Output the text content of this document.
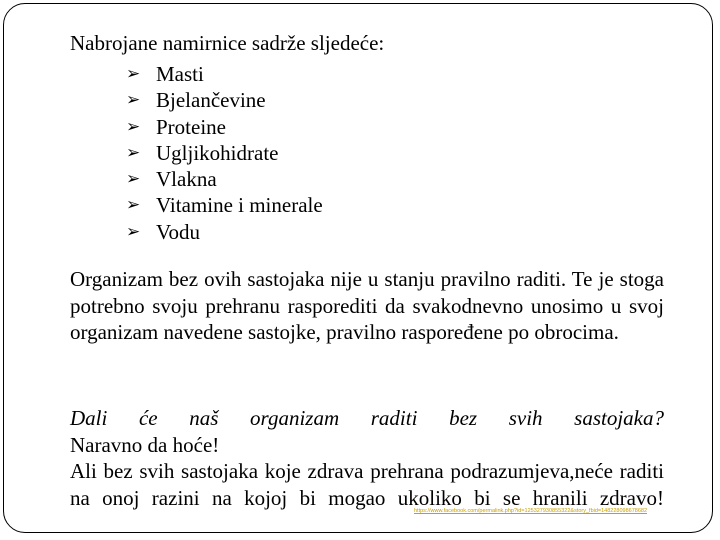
Nabrojane namirnice sadrže sljedeće:

➢ Masti
➢ Bjelančevine
➢ Proteine
➢ Ugljikohidrate
➢ Vlakna
➢ Vitamine i minerale
➢ Vodu

Organizam bez ovih sastojaka nije u stanju pravilno raditi. Te je stoga potrebno svoju prehranu rasporediti da svakodnevno unosimo u svoj organizam navedene sastojke, pravilno raspoređene po obrocima.

Dali će naš organizam raditi bez svih sastojaka?
Naravno da hoće!
Ali bez svih sastojaka koje zdrava prehrana podrazumjeva,neće raditi na onoj razini na kojoj bi mogao ukoliko bi se hranili zdravo!
https://www.facebook.com/permalink.php?id=125327930855322&story_fbid=148228098678682
